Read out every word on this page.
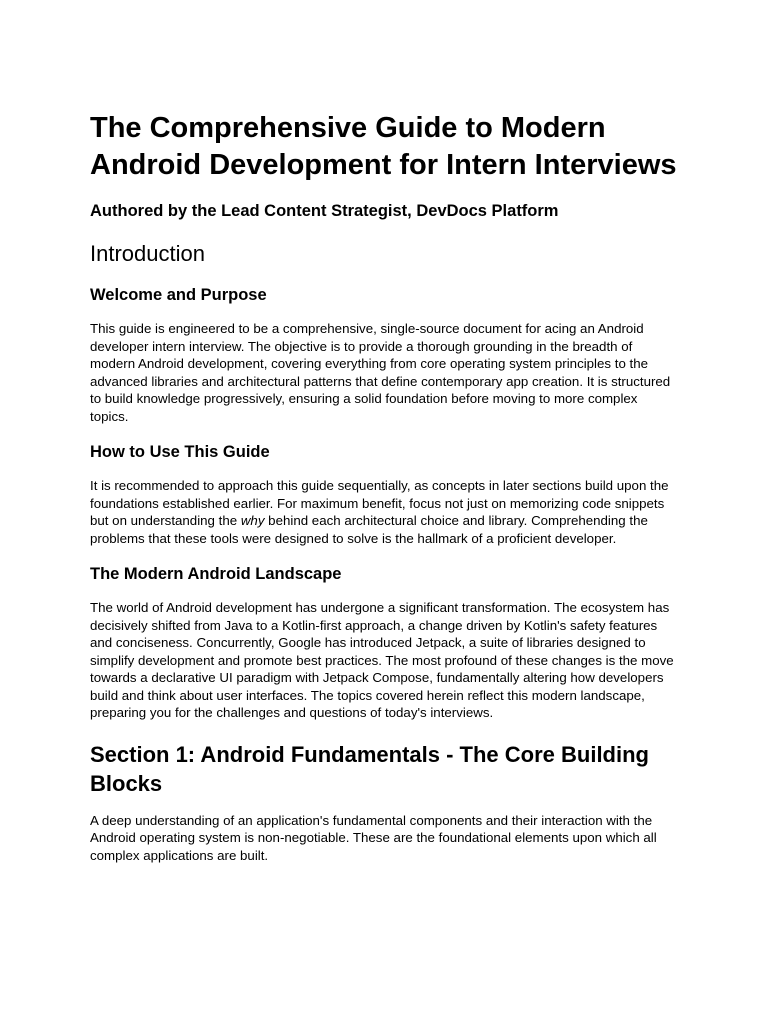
The Comprehensive Guide to Modern Android Development for Intern Interviews

Authored by the Lead Content Strategist, DevDocs Platform

Introduction
Welcome and Purpose

This guide is engineered to be a comprehensive, single-source document for acing an Android developer intern interview. The objective is to provide a thorough grounding in the breadth of modern Android development, covering everything from core operating system principles to the advanced libraries and architectural patterns that define contemporary app creation. It is structured to build knowledge progressively, ensuring a solid foundation before moving to more complex topics.

How to Use This Guide

It is recommended to approach this guide sequentially, as concepts in later sections build upon the foundations established earlier. For maximum benefit, focus not just on memorizing code snippets but on understanding the why behind each architectural choice and library. Comprehending the problems that these tools were designed to solve is the hallmark of a proficient developer.

The Modern Android Landscape

The world of Android development has undergone a significant transformation. The ecosystem has decisively shifted from Java to a Kotlin-first approach, a change driven by Kotlin's safety features and conciseness. Concurrently, Google has introduced Jetpack, a suite of libraries designed to simplify development and promote best practices. The most profound of these changes is the move towards a declarative UI paradigm with Jetpack Compose, fundamentally altering how developers build and think about user interfaces. The topics covered herein reflect this modern landscape, preparing you for the challenges and questions of today's interviews.

Section 1: Android Fundamentals - The Core Building Blocks

A deep understanding of an application's fundamental components and their interaction with the Android operating system is non-negotiable. These are the foundational elements upon which all complex applications are built.
